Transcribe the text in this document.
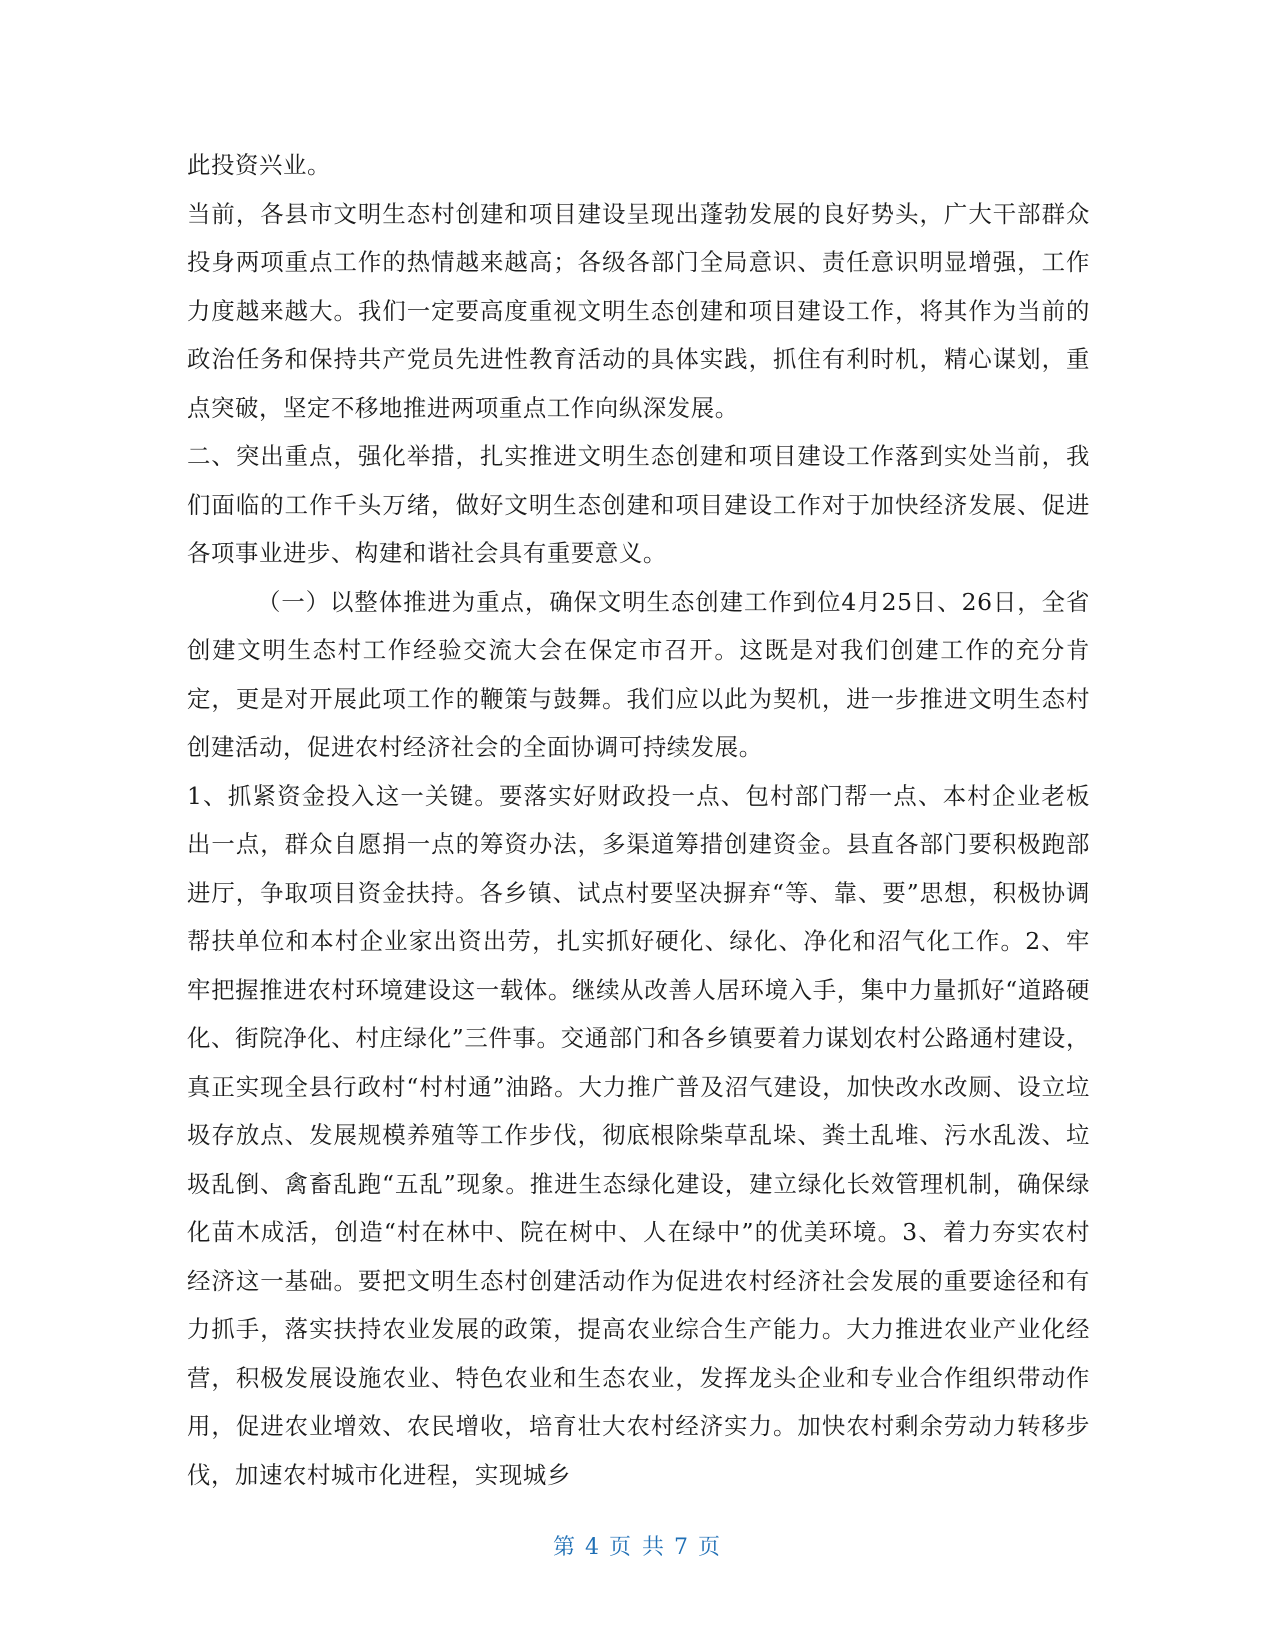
此投资兴业。

当前，各县市文明生态村创建和项目建设呈现出蓬勃发展的良好势头，广大干部群众投身两项重点工作的热情越来越高；各级各部门全局意识、责任意识明显增强，工作力度越来越大。我们一定要高度重视文明生态创建和项目建设工作，将其作为当前的政治任务和保持共产党员先进性教育活动的具体实践，抓住有利时机，精心谋划，重点突破，坚定不移地推进两项重点工作向纵深发展。

二、突出重点，强化举措，扎实推进文明生态创建和项目建设工作落到实处当前，我们面临的工作千头万绪，做好文明生态创建和项目建设工作对于加快经济发展、促进各项事业进步、构建和谐社会具有重要意义。

（一）以整体推进为重点，确保文明生态创建工作到位4月25日、26日，全省创建文明生态村工作经验交流大会在保定市召开。这既是对我们创建工作的充分肯定，更是对开展此项工作的鞭策与鼓舞。我们应以此为契机，进一步推进文明生态村创建活动，促进农村经济社会的全面协调可持续发展。

1、抓紧资金投入这一关键。要落实好财政投一点、包村部门帮一点、本村企业老板出一点，群众自愿捐一点的筹资办法，多渠道筹措创建资金。县直各部门要积极跑部进厅，争取项目资金扶持。各乡镇、试点村要坚决摒弃“等、靠、要”思想，积极协调帮扶单位和本村企业家出资出劳，扎实抓好硬化、绿化、净化和沼气化工作。2、牢牢把握推进农村环境建设这一载体。继续从改善人居环境入手，集中力量抓好“道路硬化、街院净化、村庄绿化”三件事。交通部门和各乡镇要着力谋划农村公路通村建设，真正实现全县行政村“村村通”油路。大力推广普及沼气建设，加快改水改厕、设立垃圾存放点、发展规模养殖等工作步伐，彻底根除柴草乱垛、粪土乱堆、污水乱泼、垃圾乱倒、禽畜乱跑“五乱”现象。推进生态绿化建设，建立绿化长效管理机制，确保绿化苗木成活，创造“村在林中、院在树中、人在绿中”的优美环境。3、着力夯实农村经济这一基础。要把文明生态村创建活动作为促进农村经济社会发展的重要途径和有力抓手，落实扶持农业发展的政策，提高农业综合生产能力。大力推进农业产业化经营，积极发展设施农业、特色农业和生态农业，发挥龙头企业和专业合作组织带动作用，促进农业增效、农民增收，培育壮大农村经济实力。加快农村剩余劳动力转移步伐，加速农村城市化进程，实现城乡

第 4 页 共 7 页
